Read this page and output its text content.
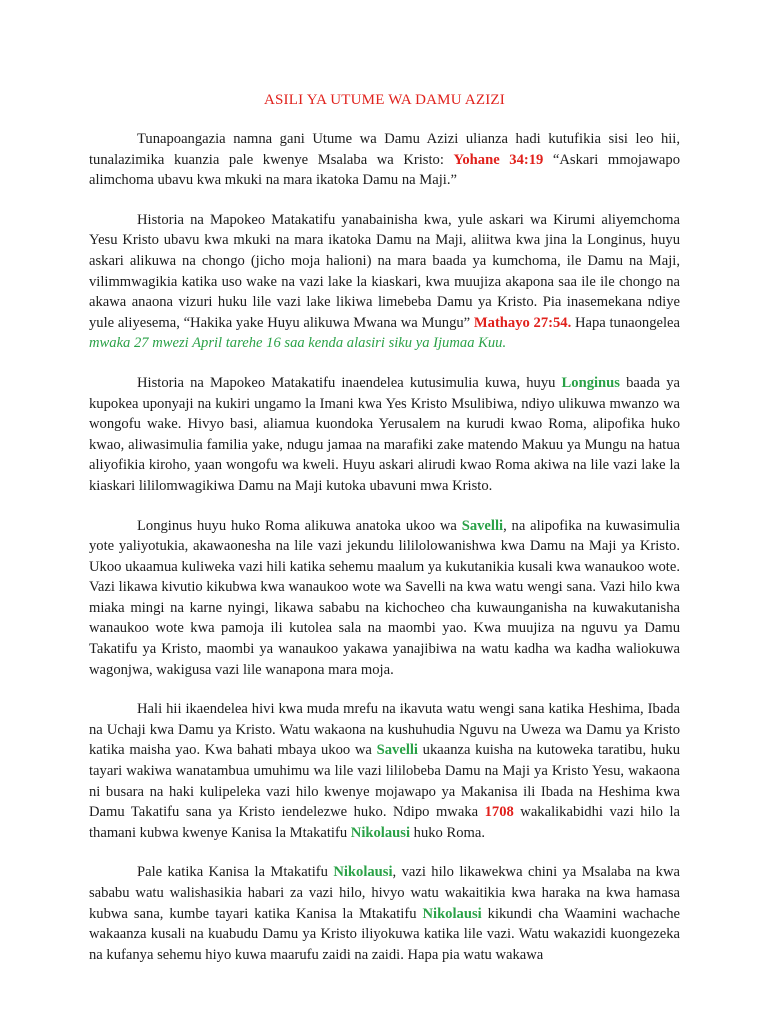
ASILI YA UTUME WA DAMU AZIZI

Tunapoangazia namna gani Utume wa Damu Azizi ulianza hadi kutufikia sisi leo hii, tunalazimika kuanzia pale kwenye Msalaba wa Kristo: Yohane 34:19 “Askari mmojawapo alimchoma ubavu kwa mkuki na mara ikatoka Damu na Maji.”

Historia na Mapokeo Matakatifu yanabainisha kwa, yule askari wa Kirumi aliyemchoma Yesu Kristo ubavu kwa mkuki na mara ikatoka Damu na Maji, aliitwa kwa jina la Longinus, huyu askari alikuwa na chongo (jicho moja halioni) na mara baada ya kumchoma, ile Damu na Maji, vilimmwagikia katika uso wake na vazi lake la kiaskari, kwa muujiza akapona saa ile ile chongo na akawa anaona vizuri huku lile vazi lake likiwa limebeba Damu ya Kristo. Pia inasemekana ndiye yule aliyesema, “Hakika yake Huyu alikuwa Mwana wa Mungu” Mathayo 27:54. Hapa tunaongelea mwaka 27 mwezi April tarehe 16 saa kenda alasiri siku ya Ijumaa Kuu.

Historia na Mapokeo Matakatifu inaendelea kutusimulia kuwa, huyu Longinus baada ya kupokea uponyaji na kukiri ungamo la Imani kwa Yes Kristo Msulibiwa, ndiyo ulikuwa mwanzo wa wongofu wake. Hivyo basi, aliamua kuondoka Yerusalem na kurudi kwao Roma, alipofika huko kwao, aliwasimulia familia yake, ndugu jamaa na marafiki zake matendo Makuu ya Mungu na hatua aliyofikia kiroho, yaan wongofu wa kweli. Huyu askari alirudi kwao Roma akiwa na lile vazi lake la kiaskari lililomwagikiwa Damu na Maji kutoka ubavuni mwa Kristo.

Longinus huyu huko Roma alikuwa anatoka ukoo wa Savelli, na alipofika na kuwasimulia yote yaliyotukia, akawaonesha na lile vazi jekundu lililolowanishwa kwa Damu na Maji ya Kristo. Ukoo ukaamua kuliweka vazi hili katika sehemu maalum ya kukutanikia kusali kwa wanaukoo wote. Vazi likawa kivutio kikubwa kwa wanaukoo wote wa Savelli na kwa watu wengi sana. Vazi hilo kwa miaka mingi na karne nyingi, likawa sababu na kichocheo cha kuwaunganisha na kuwakutanisha wanaukoo wote kwa pamoja ili kutolea sala na maombi yao. Kwa muujiza na nguvu ya Damu Takatifu ya Kristo, maombi ya wanaukoo yakawa yanajibiwa na watu kadha wa kadha waliokuwa wagonjwa, wakigusa vazi lile wanapona mara moja.

Hali hii ikaendelea hivi kwa muda mrefu na ikavuta watu wengi sana katika Heshima, Ibada na Uchaji kwa Damu ya Kristo. Watu wakaona na kushuhudia Nguvu na Uweza wa Damu ya Kristo katika maisha yao. Kwa bahati mbaya ukoo wa Savelli ukaanza kuisha na kutoweka taratibu, huku tayari wakiwa wanatambua umuhimu wa lile vazi lililobeba Damu na Maji ya Kristo Yesu, wakaona ni busara na haki kulipeleka vazi hilo kwenye mojawapo ya Makanisa ili Ibada na Heshima kwa Damu Takatifu sana ya Kristo iendelezwe huko. Ndipo mwaka 1708 wakalikabidhi vazi hilo la thamani kubwa kwenye Kanisa la Mtakatifu Nikolausi huko Roma.

Pale katika Kanisa la Mtakatifu Nikolausi, vazi hilo likawekwa chini ya Msalaba na kwa sababu watu walishasikia habari za vazi hilo, hivyo watu wakaitikia kwa haraka na kwa hamasa kubwa sana, kumbe tayari katika Kanisa la Mtakatifu Nikolausi kikundi cha Waamini wachache wakaanza kusali na kuabudu Damu ya Kristo iliyokuwa katika lile vazi. Watu wakazidi kuongezeka na kufanya sehemu hiyo kuwa maarufu zaidi na zaidi. Hapa pia watu wakawa
